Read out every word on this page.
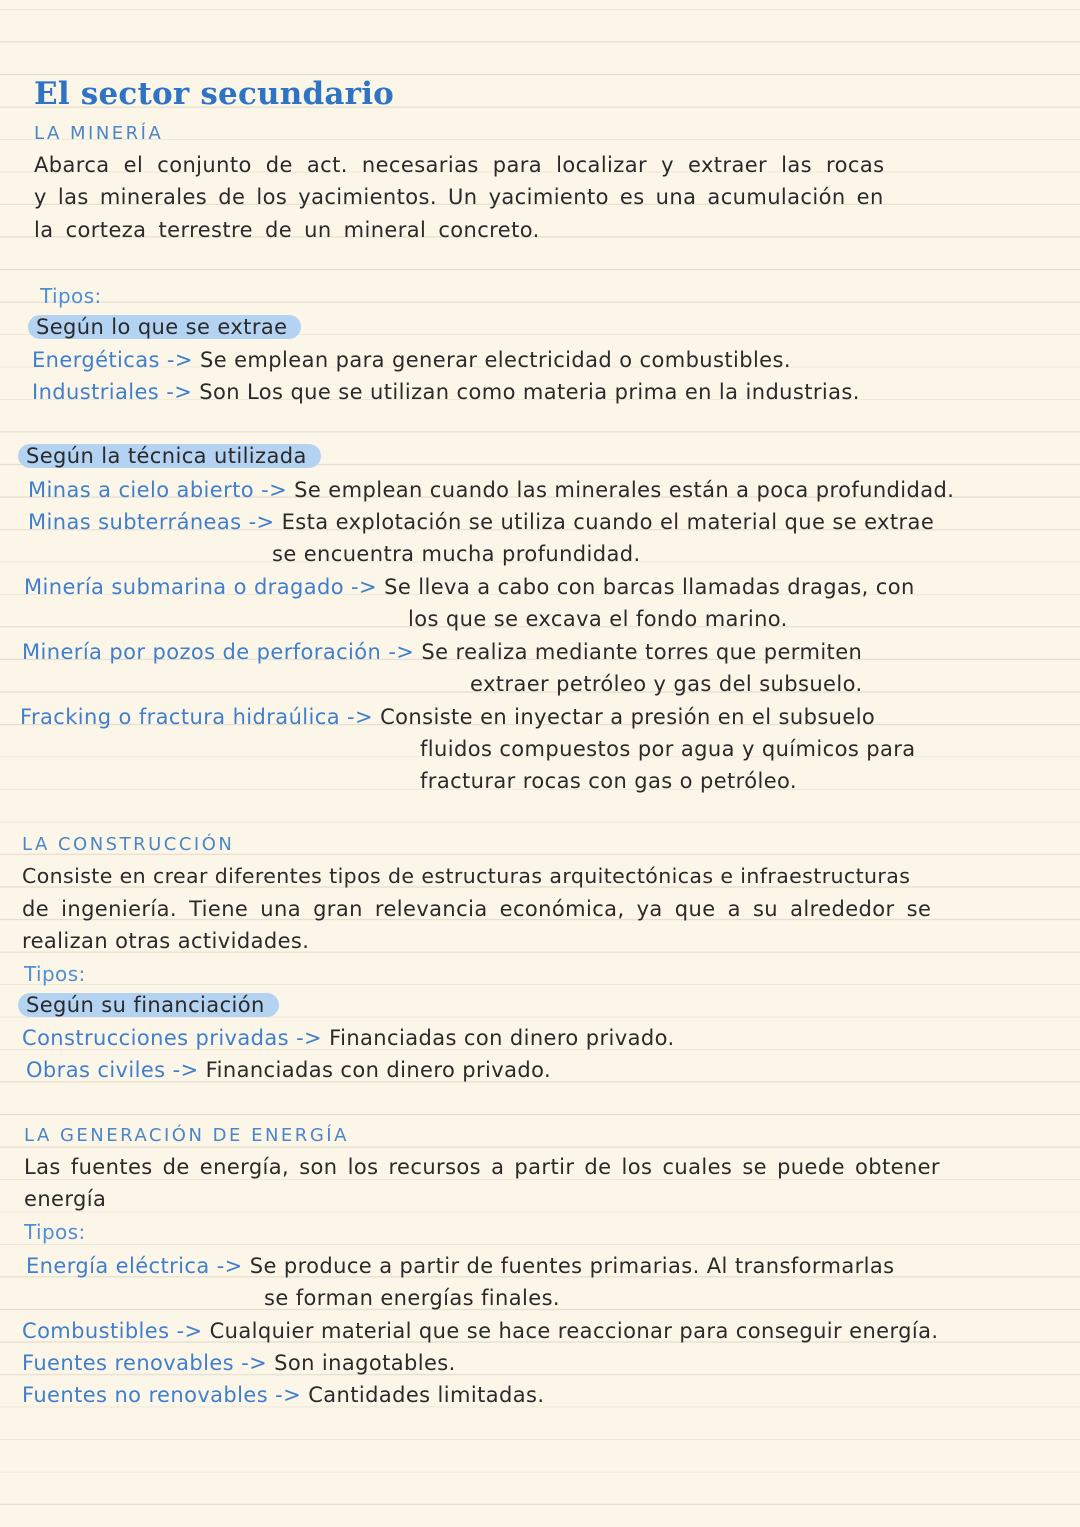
El sector secundario
LA MINERÍA
Abarca el conjunto de act. necesarias para localizar y extraer las rocas
y las minerales de los yacimientos. Un yacimiento es una acumulación en
la corteza terrestre de un mineral concreto.
Tipos:
Según lo que se extrae
Energéticas -> Se emplean para generar electricidad o combustibles.
Industriales -> Son Los que se utilizan como materia prima en la industrias.
Según la técnica utilizada
Minas a cielo abierto -> Se emplean cuando las minerales están a poca profundidad.
Minas subterráneas -> Esta explotación se utiliza cuando el material que se extrae
se encuentra mucha profundidad.
Minería submarina o dragado -> Se lleva a cabo con barcas llamadas dragas, con
los que se excava el fondo marino.
Minería por pozos de perforación -> Se realiza mediante torres que permiten
extraer petróleo y gas del subsuelo.
Fracking o fractura hidraúlica -> Consiste en inyectar a presión en el subsuelo
fluidos compuestos por agua y químicos para
fracturar rocas con gas o petróleo.
LA CONSTRUCCIÓN
Consiste en crear diferentes tipos de estructuras arquitectónicas e infraestructuras
de ingeniería. Tiene una gran relevancia económica, ya que a su alrededor se
realizan otras actividades.
Tipos:
Según su financiación
Construcciones privadas -> Financiadas con dinero privado.
Obras civiles -> Financiadas con dinero privado.
LA GENERACIÓN DE ENERGÍA
Las fuentes de energía, son los recursos a partir de los cuales se puede obtener
energía
Tipos:
Energía eléctrica -> Se produce a partir de fuentes primarias. Al transformarlas
se forman energías finales.
Combustibles -> Cualquier material que se hace reaccionar para conseguir energía.
Fuentes renovables -> Son inagotables.
Fuentes no renovables -> Cantidades limitadas.
